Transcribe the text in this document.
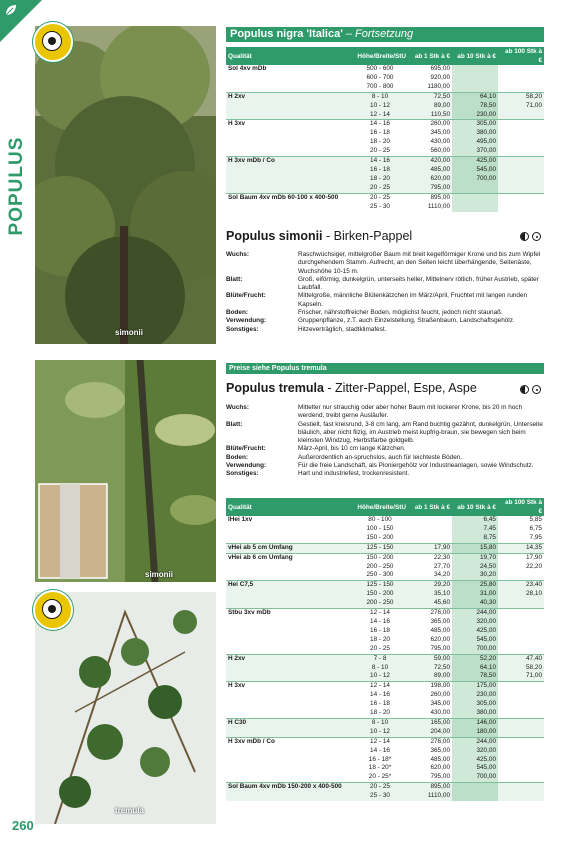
POPULUS
simonii
simonii
tremula
Populus nigra 'Italica' – Fortsetzung
Qualität	Höhe/Breite/StU	ab 1 Stk à €	ab 10 Stk à €	ab 100 Stk à €
Sol 4xv mDb	500 - 600	695,00		
	600 - 700	920,00		
	700 - 800	1180,00		
H 2xv	8 - 10	72,50	64,10	58,20
	10 - 12	89,00	78,50	71,00
	12 - 14	110,50	230,00	
H 3xv	14 - 16	260,00	305,00	
	16 - 18	345,00	380,00	
	18 - 20	430,00	495,00	
	20 - 25	560,00	370,00	
H 3xv mDb / Co	14 - 16	420,00	425,00	
	16 - 18	485,00	545,00	
	18 - 20	620,00	700,00	
	20 - 25	795,00		
Sol Baum 4xv mDb 60-100 x 400-500	20 - 25	895,00		
	25 - 30	1110,00		
Populus simonii - Birken-Pappel
Wuchs:	Raschwüchsiger, mittelgroßer Baum mit breit kegelförmiger Krone und bis zum Wipfel durchgehendem Stamm. Aufrecht, an den Seiten leicht überhängende, Seitenäste, Wuchshöhe 10-15 m.
Blatt:	Groß, eiförmig, dunkelgrün, unterseits heller, Mittelnerv rötlich, früher Austrieb, später Laubfall.
Blüte/Frucht:	Mittelgroße, männliche Blütenkätzchen im März/April, Fruchtet mit langen runden Kapseln.
Boden:	Frischer, nährstoffreicher Boden, möglichst feucht, jedoch nicht staunaß.
Verwendung:	Gruppenpflanze, z.T. auch Einzelstellung, Straßenbaum, Landschaftsgehölz.
Sonstiges:	Hitzeverträglich, stadtklimafest.
Preise siehe Populus tremula
Populus tremula - Zitter-Pappel, Espe, Aspe
Wuchs:	Mittelter nur strauchig oder aber hoher Baum mit lockerer Krone, bis 20 m hoch werdend, treibt gerne Ausläufer.
Blatt:	Gestielt, fast kreisrund, 3-8 cm lang, am Rand buchtig gezähnt, dunkelgrün, Unterseite bläulich, aber nicht filzig, im Austrieb meist kupfrig-braun, sie bewegen sich beim kleinsten Windzug, Herbstfarbe goldgelb.
Blüte/Frucht:	März-April, bis 10 cm lange Kätzchen.
Boden:	Außerordentlich an-spruchslos, auch für leichteste Böden.
Verwendung:	Für die freie Landschaft, als Pioniergehölz vor Industrieanlagen, sowie Windschutz.
Sonstiges:	Hart und industriefest, trockenresistent.
Qualität	Höhe/Breite/StU	ab 1 Stk à €	ab 10 Stk à €	ab 100 Stk à €
lHei 1xv	80 - 100		6,45	5,85
	100 - 150		7,45	6,75
	150 - 200		8,75	7,95
vHei ab 5 cm Umfang	125 - 150	17,90	15,80	14,35
vHei ab 6 cm Umfang	150 - 200	22,30	19,70	17,90
	200 - 250	27,70	24,50	22,20
	250 - 300	34,20	30,20	
Hei C7,5	125 - 150	29,20	25,80	23,40
	150 - 200	35,10	31,00	28,10
	200 - 250	45,60	40,30	
Stbu 3xv mDb	12 - 14	276,00	244,00	
	14 - 16	365,00	320,00	
	16 - 18	485,00	425,00	
	18 - 20	620,00	545,00	
	20 - 25	795,00	700,00	
H 2xv	7 - 8	59,00	52,20	47,40
	8 - 10	72,50	64,10	58,20
	10 - 12	89,00	78,50	71,00
H 3xv	12 - 14	198,00	175,00	
	14 - 16	260,00	230,00	
	16 - 18	345,00	305,00	
	18 - 20	430,00	380,00	
H C30	8 - 10	165,00	146,00	
	10 - 12	204,00	180,00	
H 3xv mDb / Co	12 - 14	276,00	244,00	
	14 - 16	365,00	320,00	
	16 - 18*	485,00	425,00	
	18 - 20*	620,00	545,00	
	20 - 25*	795,00	700,00	
Sol Baum 4xv mDb 150-200 x 400-500	20 - 25	895,00		
	25 - 30	1110,00		
260
